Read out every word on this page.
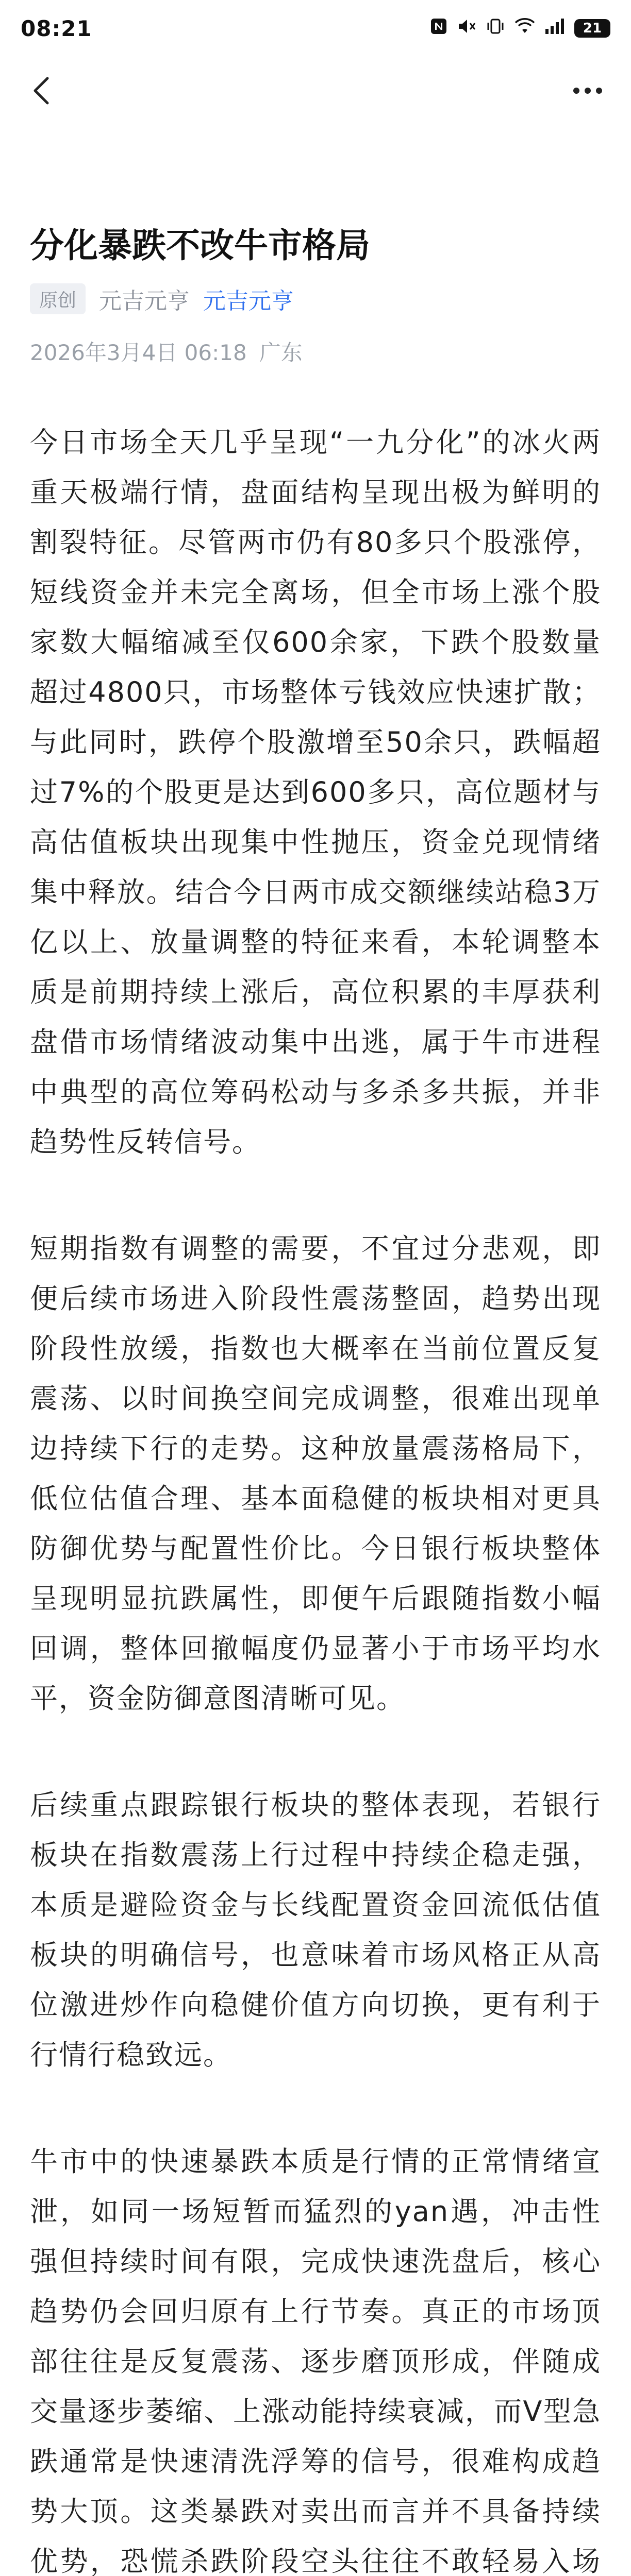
08:21	21
分化暴跌不改牛市格局
原创	元吉元亨 元吉元亨
2026年3月4日 06:18 广东

今日市场全天几乎呈现“一九分化”的冰火两重天极端行情，盘面结构呈现出极为鲜明的割裂特征。尽管两市仍有80多只个股涨停，短线资金并未完全离场，但全市场上涨个股家数大幅缩减至仅600余家，下跌个股数量超过4800只，市场整体亏钱效应快速扩散；与此同时，跌停个股激增至50余只，跌幅超过7%的个股更是达到600多只，高位题材与高估值板块出现集中性抛压，资金兑现情绪集中释放。结合今日两市成交额继续站稳3万亿以上、放量调整的特征来看，本轮调整本质是前期持续上涨后，高位积累的丰厚获利盘借市场情绪波动集中出逃，属于牛市进程中典型的高位筹码松动与多杀多共振，并非趋势性反转信号。

短期指数有调整的需要，不宜过分悲观，即便后续市场进入阶段性震荡整固，趋势出现阶段性放缓，指数也大概率在当前位置反复震荡、以时间换空间完成调整，很难出现单边持续下行的走势。这种放量震荡格局下，低位估值合理、基本面稳健的板块相对更具防御优势与配置性价比。今日银行板块整体呈现明显抗跌属性，即便午后跟随指数小幅回调，整体回撤幅度仍显著小于市场平均水平，资金防御意图清晰可见。

后续重点跟踪银行板块的整体表现，若银行板块在指数震荡上行过程中持续企稳走强，本质是避险资金与长线配置资金回流低估值板块的明确信号，也意味着市场风格正从高位激进炒作向稳健价值方向切换，更有利于行情行稳致远。

牛市中的快速暴跌本质是行情的正常情绪宣泄，如同一场短暂而猛烈的yan遇，冲击性强但持续时间有限，完成快速洗盘后，核心趋势仍会回归原有上行节奏。真正的市场顶部往往是反复震荡、逐步磨顶形成，伴随成交量逐步萎缩、上涨动能持续衰减，而V型急跌通常是快速清洗浮筹的信号，很难构成趋势大顶。这类暴跌对卖出而言并不具备持续优势，恐慌杀跌阶段空头往往不敢轻易入场
